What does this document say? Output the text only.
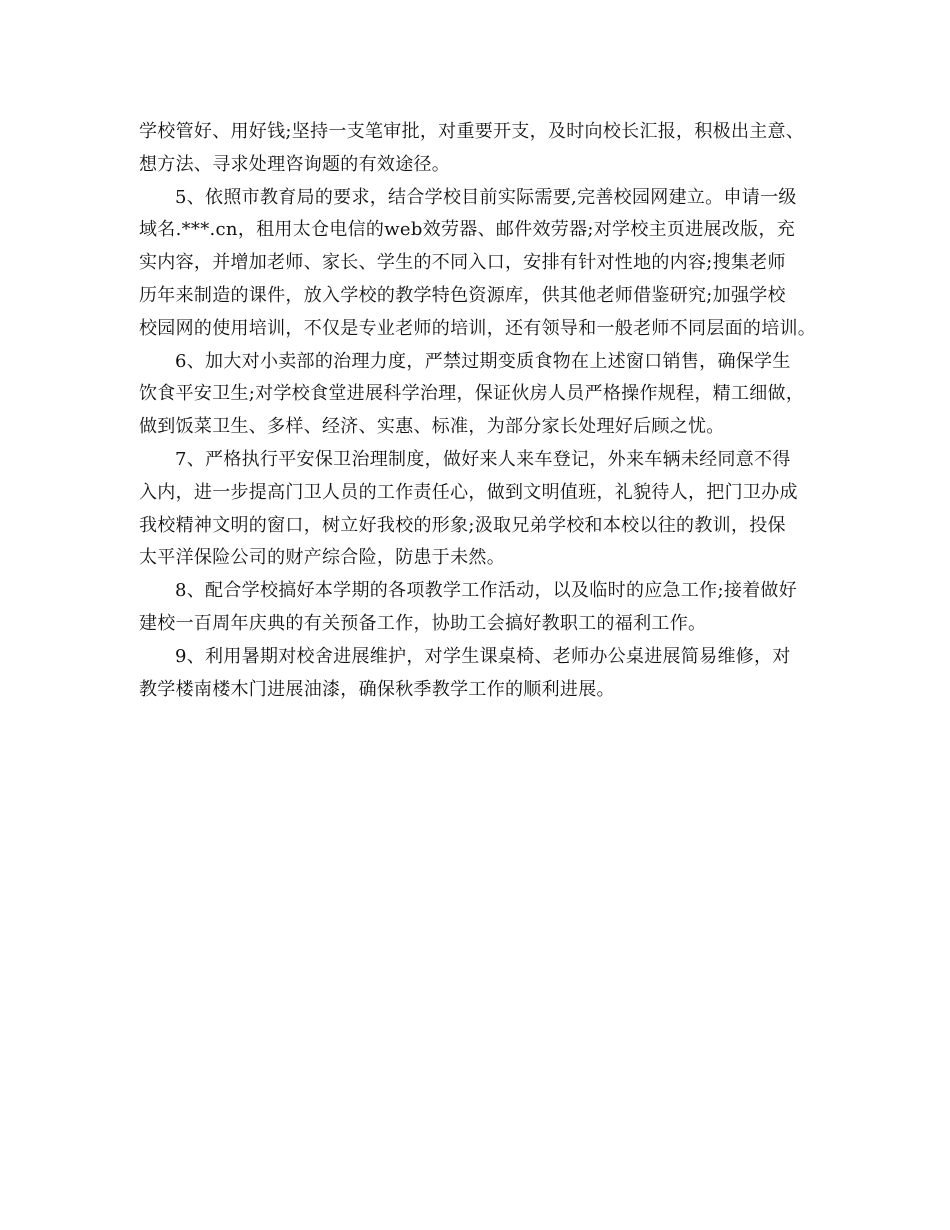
学校管好、用好钱;坚持一支笔审批，对重要开支，及时向校长汇报，积极出主意、
想方法、寻求处理咨询题的有效途径。
5、依照市教育局的要求，结合学校目前实际需要,完善校园网建立。申请一级
域名.***.cn，租用太仓电信的web效劳器、邮件效劳器;对学校主页进展改版，充
实内容，并增加老师、家长、学生的不同入口，安排有针对性地的内容;搜集老师
历年来制造的课件，放入学校的教学特色资源库，供其他老师借鉴研究;加强学校
校园网的使用培训，不仅是专业老师的培训，还有领导和一般老师不同层面的培训。
6、加大对小卖部的治理力度，严禁过期变质食物在上述窗口销售，确保学生
饮食平安卫生;对学校食堂进展科学治理，保证伙房人员严格操作规程，精工细做，
做到饭菜卫生、多样、经济、实惠、标准，为部分家长处理好后顾之忧。
7、严格执行平安保卫治理制度，做好来人来车登记，外来车辆未经同意不得
入内，进一步提高门卫人员的工作责任心，做到文明值班，礼貌待人，把门卫办成
我校精神文明的窗口，树立好我校的形象;汲取兄弟学校和本校以往的教训，投保
太平洋保险公司的财产综合险，防患于未然。
8、配合学校搞好本学期的各项教学工作活动，以及临时的应急工作;接着做好
建校一百周年庆典的有关预备工作，协助工会搞好教职工的福利工作。
9、利用暑期对校舍进展维护，对学生课桌椅、老师办公桌进展简易维修，对
教学楼南楼木门进展油漆，确保秋季教学工作的顺利进展。
